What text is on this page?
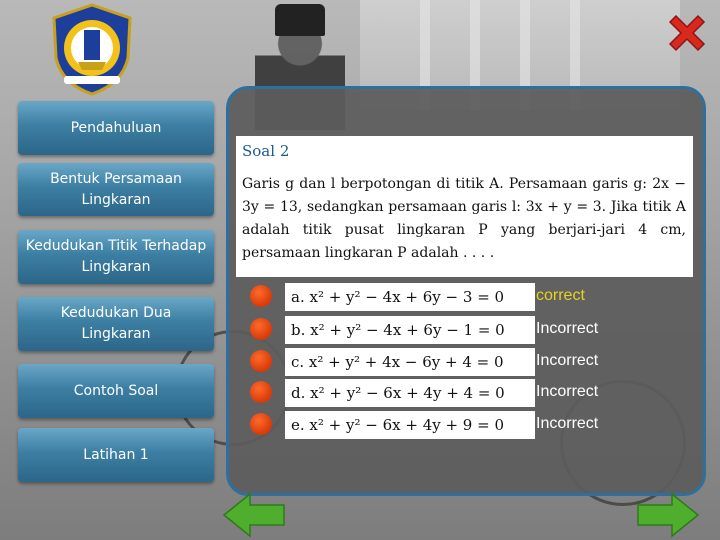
Pendahuluan
Bentuk Persamaan Lingkaran
Kedudukan Titik Terhadap Lingkaran
Kedudukan Dua Lingkaran
Contoh Soal
Latihan 1
Soal 2
Garis g dan l berpotongan di titik A. Persamaan garis g: 2x − 3y = 13, sedangkan persamaan garis l: 3x + y = 3. Jika titik A adalah titik pusat lingkaran P yang berjari-jari 4 cm, persamaan lingkaran P adalah . . . .
a. x² + y² − 4x + 6y − 3 = 0	correct
b. x² + y² − 4x + 6y − 1 = 0	Incorrect
c. x² + y² + 4x − 6y + 4 = 0	Incorrect
d. x² + y² − 6x + 4y + 4 = 0	Incorrect
e. x² + y² − 6x + 4y + 9 = 0	Incorrect
